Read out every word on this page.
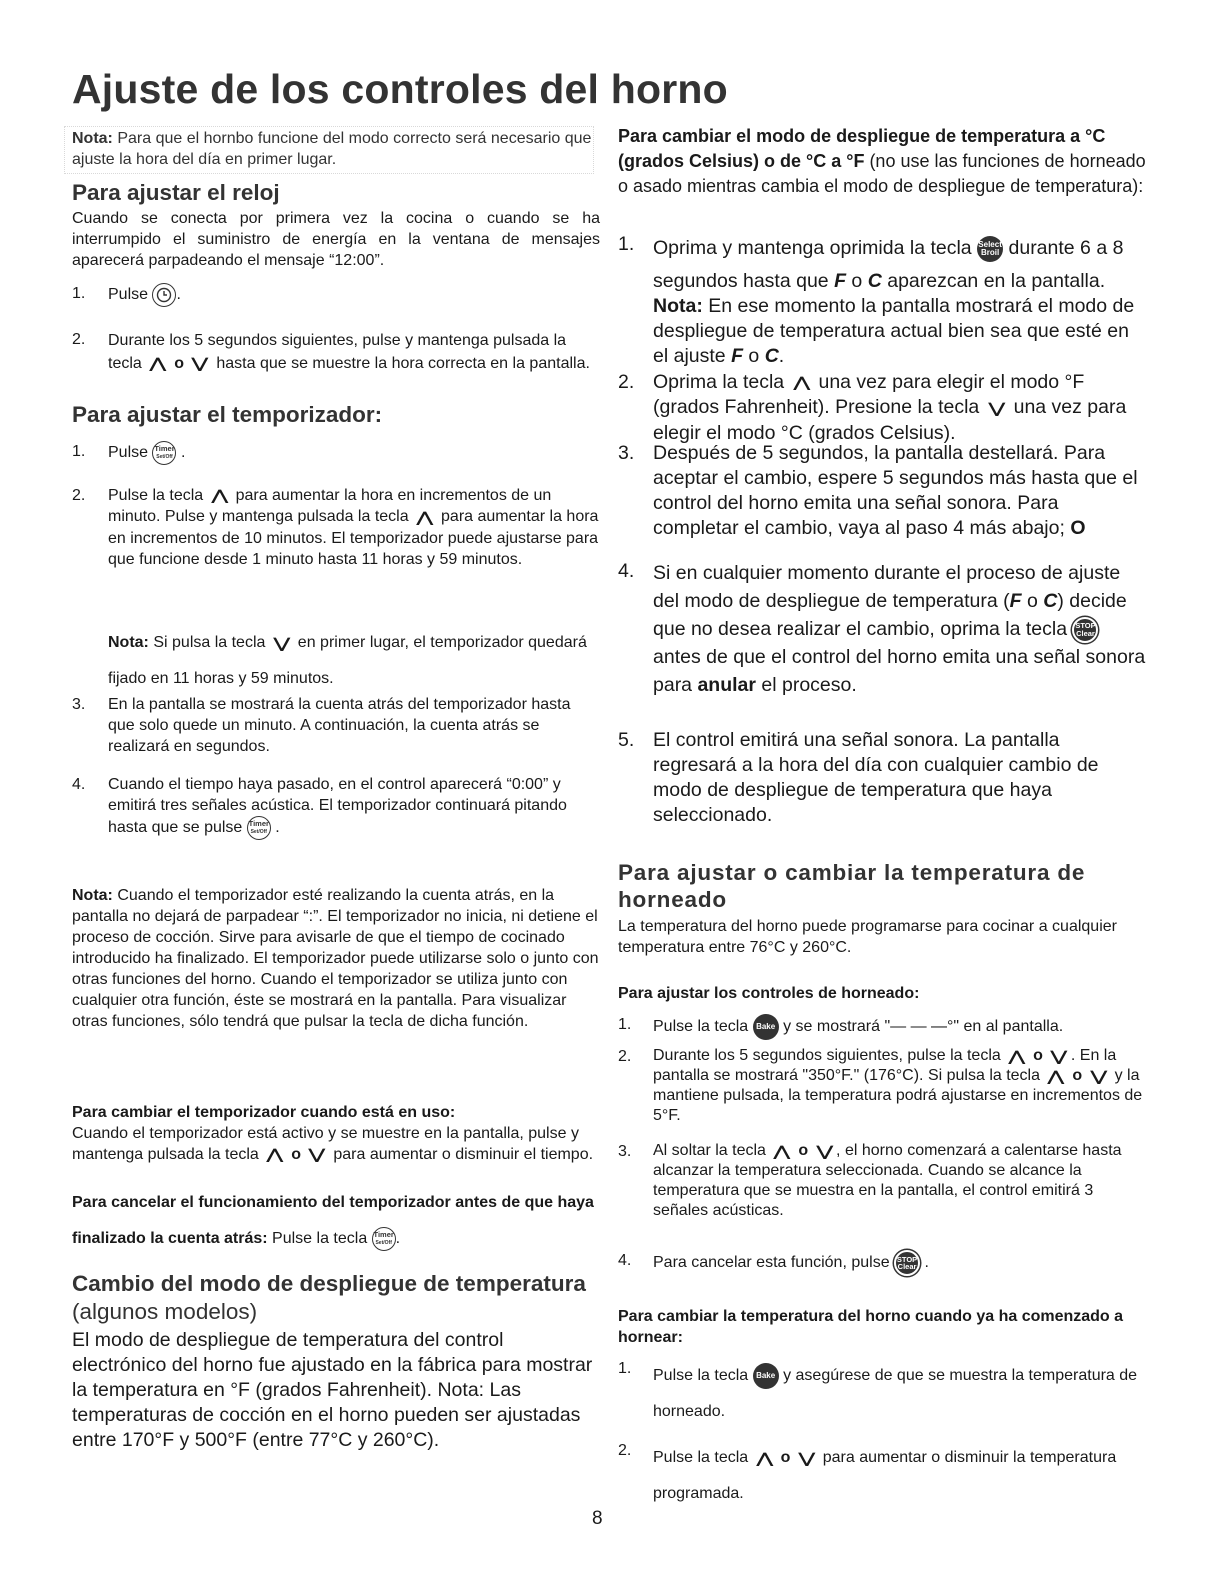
Ajuste de los controles del horno
Nota: Para que el hornbo funcione del modo correcto será necesario que ajuste la hora del día en primer lugar.
Para ajustar el reloj
Cuando se conecta por primera vez la cocina o cuando se ha interrumpido el suministro de energía en la ventana de mensajes aparecerá parpadeando el mensaje “12:00”.
1.	Pulse .
2.	Durante los 5 segundos siguientes, pulse y mantenga pulsada la tecla ⋀ o ⋁ hasta que se muestre la hora correcta en la pantalla.
Para ajustar el temporizador:
1.	Pulse Timer
Set/Off .
2.	Pulse la tecla ⋀ para aumentar la hora en incrementos de un minuto. Pulse y mantenga pulsada la tecla ⋀ para aumentar la hora en incrementos de 10 minutos. El temporizador puede ajustarse para que funcione desde 1 minuto hasta 11 horas y 59 minutos.
Nota: Si pulsa la tecla ⋁ en primer lugar, el temporizador quedará fijado en 11 horas y 59 minutos.
3.	En la pantalla se mostrará la cuenta atrás del temporizador hasta que solo quede un minuto. A continuación, la cuenta atrás se realizará en segundos.
4.	Cuando el tiempo haya pasado, en el control aparecerá “0:00” y emitirá tres señales acústica. El temporizador continuará pitando hasta que se pulse Timer
Set/Off .
Nota: Cuando el temporizador esté realizando la cuenta atrás, en la pantalla no dejará de parpadear “:”. El temporizador no inicia, ni detiene el proceso de cocción. Sirve para avisarle de que el tiempo de cocinado introducido ha finalizado. El temporizador puede utilizarse solo o junto con otras funciones del horno. Cuando el temporizador se utiliza junto con cualquier otra función, éste se mostrará en la pantalla. Para visualizar otras funciones, sólo tendrá que pulsar la tecla de dicha función.
Para cambiar el temporizador cuando está en uso:
Cuando el temporizador está activo y se muestre en la pantalla, pulse y mantenga pulsada la tecla ⋀ o ⋁ para aumentar o disminuir el tiempo.
Para cancelar el funcionamiento del temporizador antes de que haya finalizado la cuenta atrás: Pulse la tecla Timer
Set/Off .
Cambio del modo de despliegue de temperatura (algunos modelos)
El modo de despliegue de temperatura del control electrónico del horno fue ajustado en la fábrica para mostrar la temperatura en °F (grados Fahrenheit). Nota: Las temperaturas de cocción en el horno pueden ser ajustadas entre 170°F y 500°F (entre 77°C y 260°C).
Para cambiar el modo de despliegue de temperatura a °C (grados Celsius) o de °C a °F (no use las funciones de horneado o asado mientras cambia el modo de despliegue de temperatura):
1. Oprima y mantenga oprimida la tecla Select
Broil durante 6 a 8 segundos hasta que F o C aparezcan en la pantalla.
Nota: En ese momento la pantalla mostrará el modo de despliegue de temperatura actual bien sea que esté en el ajuste F o C.
2. Oprima la tecla ⋀ una vez para elegir el modo °F (grados Fahrenheit). Presione la tecla ⋁ una vez para elegir el modo °C (grados Celsius).
3. Después de 5 segundos, la pantalla destellará. Para aceptar el cambio, espere 5 segundos más hasta que el control del horno emita una señal sonora. Para completar el cambio, vaya al paso 4 más abajo; O
4. Si en cualquier momento durante el proceso de ajuste del modo de despliegue de temperatura (F o C) decide que no desea realizar el cambio, oprima la tecla STOP
Clear
antes de que el control del horno emita una señal sonora para anular el proceso.
5. El control emitirá una señal sonora. La pantalla regresará a la hora del día con cualquier cambio de modo de despliegue de temperatura que haya seleccionado.
Para ajustar o cambiar la temperatura de horneado
La temperatura del horno puede programarse para cocinar a cualquier temperatura entre 76°C y 260°C.
Para ajustar los controles de horneado:
1.	Pulse la tecla Bake y se mostrará "— — —°" en al pantalla.
2.	Durante los 5 segundos siguientes, pulse la tecla ⋀ o ⋁ . En la pantalla se mostrará "350°F." (176°C). Si pulsa la tecla ⋀ o ⋁ y la mantiene pulsada, la temperatura podrá ajustarse en incrementos de 5°F.
3.	Al soltar la tecla ⋀ o ⋁ , el horno comenzará a calentarse hasta alcanzar la temperatura seleccionada. Cuando se alcance la temperatura que se muestra en la pantalla, el control emitirá 3 señales acústicas.
4.	Para cancelar esta función, pulse STOP
Clear .
Para cambiar la temperatura del horno cuando ya ha comenzado a hornear:
1.	Pulse la tecla Bake y asegúrese de que se muestra la temperatura de horneado.
2.	Pulse la tecla ⋀ o ⋁ para aumentar o disminuir la temperatura programada.
8
